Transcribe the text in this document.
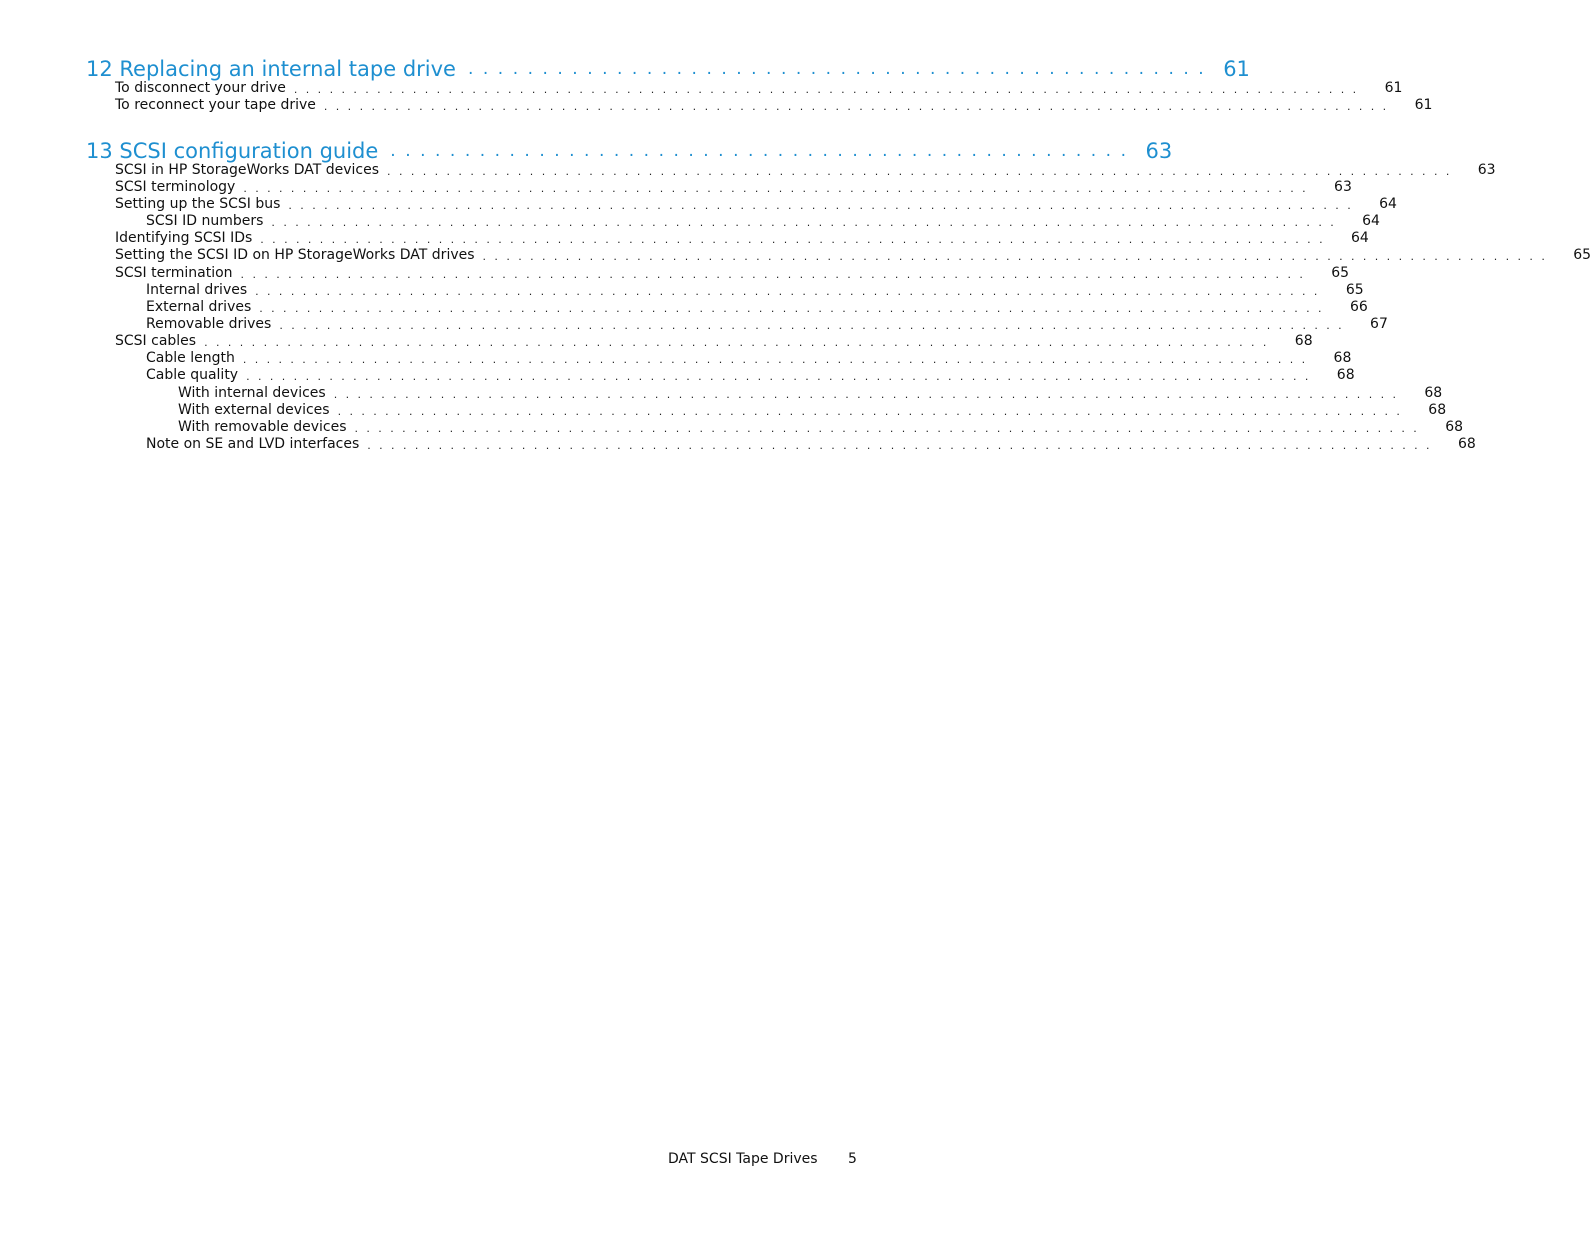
12 Replacing an internal tape drive .................................................. 61
To disconnect your drive .......................................................................................... 61
To reconnect your tape drive .......................................................................................... 61
13 SCSI configuration guide .................................................. 63
SCSI in HP StorageWorks DAT devices .......................................................................................... 63
SCSI terminology .......................................................................................... 63
Setting up the SCSI bus .......................................................................................... 64
SCSI ID numbers .......................................................................................... 64
Identifying SCSI IDs .......................................................................................... 64
Setting the SCSI ID on HP StorageWorks DAT drives .......................................................................................... 65
SCSI termination .......................................................................................... 65
Internal drives .......................................................................................... 65
External drives .......................................................................................... 66
Removable drives .......................................................................................... 67
SCSI cables .......................................................................................... 68
Cable length .......................................................................................... 68
Cable quality .......................................................................................... 68
With internal devices .......................................................................................... 68
With external devices .......................................................................................... 68
With removable devices .......................................................................................... 68
Note on SE and LVD interfaces .......................................................................................... 68
DAT SCSI Tape Drives 5
